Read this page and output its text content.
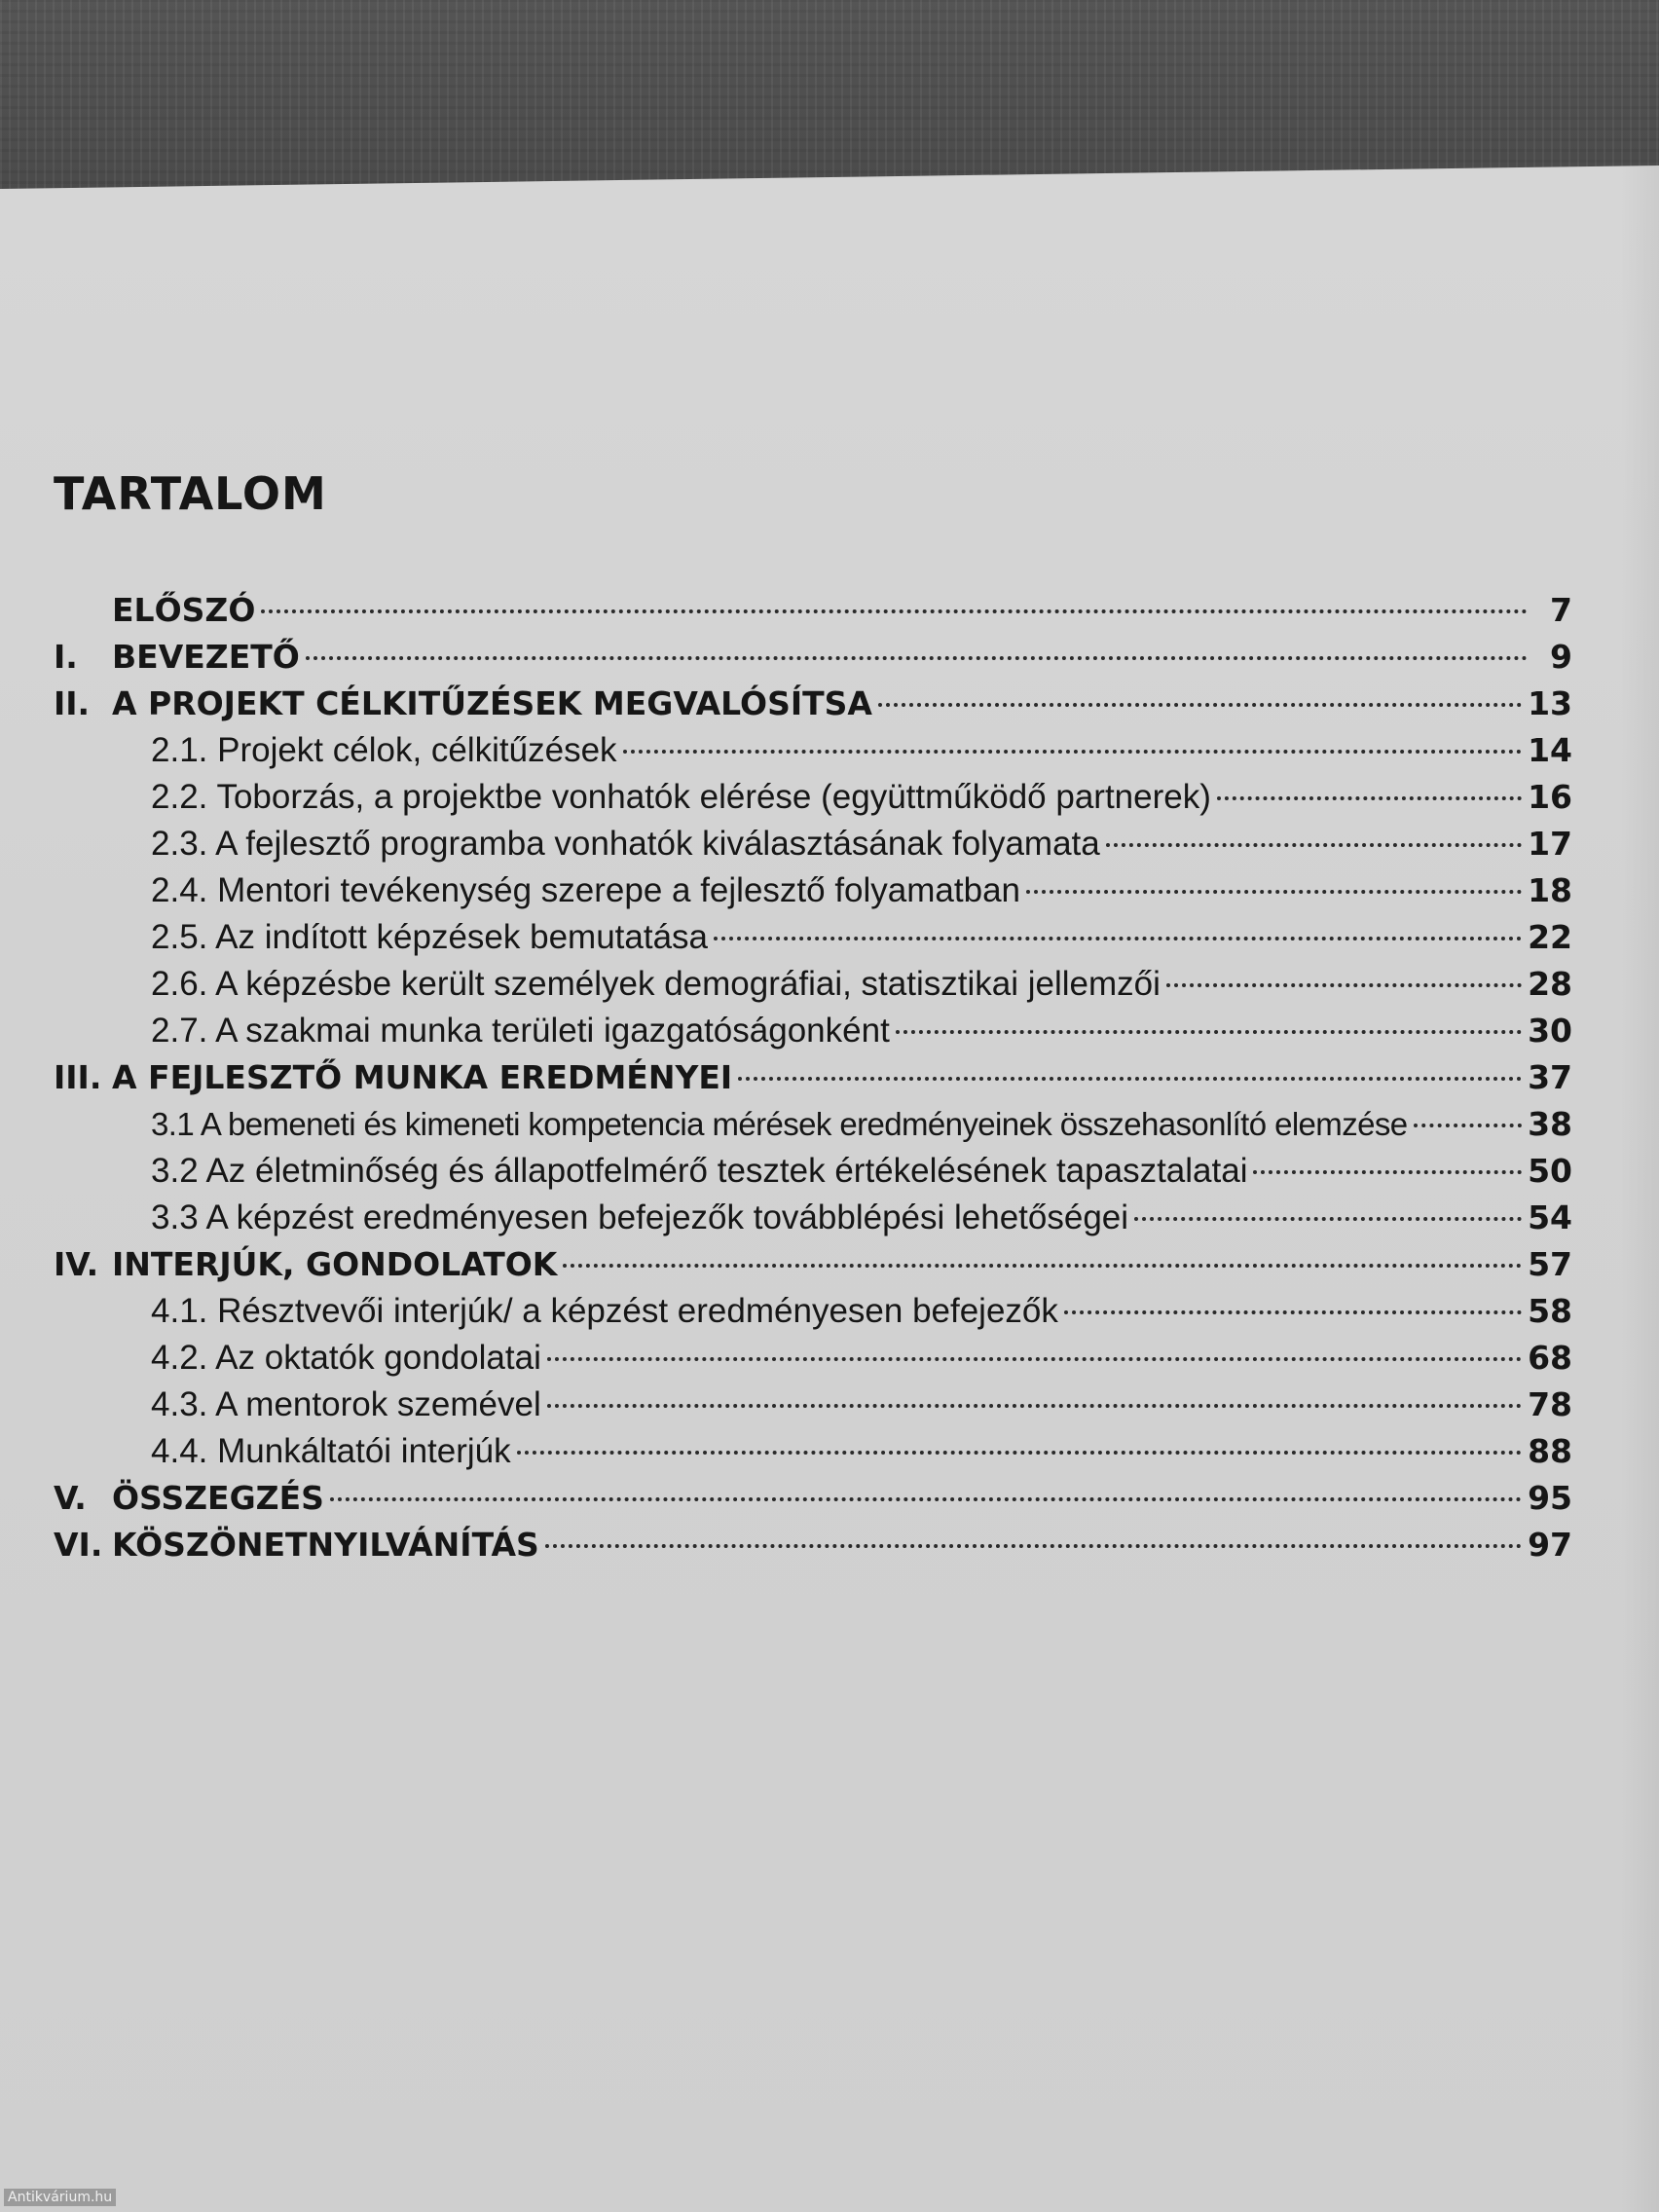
TARTALOM
ELŐSZÓ	7
I.	BEVEZETŐ	9
II. A PROJEKT CÉLKITŰZÉSEK MEGVALÓSÍTSA	13
2.1. Projekt célok, célkitűzések	14
2.2. Toborzás, a projektbe vonhatók elérése (együttműködő partnerek)	16
2.3. A fejlesztő programba vonhatók kiválasztásának folyamata	17
2.4. Mentori tevékenység szerepe a fejlesztő folyamatban	18
2.5. Az indított képzések bemutatása	22
2.6. A képzésbe került személyek demográfiai, statisztikai jellemzői	28
2.7. A szakmai munka területi igazgatóságonként	30
III. A FEJLESZTŐ MUNKA EREDMÉNYEI	37
3.1 A bemeneti és kimeneti kompetencia mérések eredményeinek összehasonlító elemzése	38
3.2 Az életminőség és állapotfelmérő tesztek értékelésének tapasztalatai	50
3.3 A képzést eredményesen befejezők továbblépési lehetőségei	54
IV. INTERJÚK, GONDOLATOK	57
4.1. Résztvevői interjúk/ a képzést eredményesen befejezők	58
4.2. Az oktatók gondolatai	68
4.3. A mentorok szemével	78
4.4. Munkáltatói interjúk	88
V. ÖSSZEGZÉS	95
VI. KÖSZÖNETNYILVÁNÍTÁS	97
Antikvárium.hu
